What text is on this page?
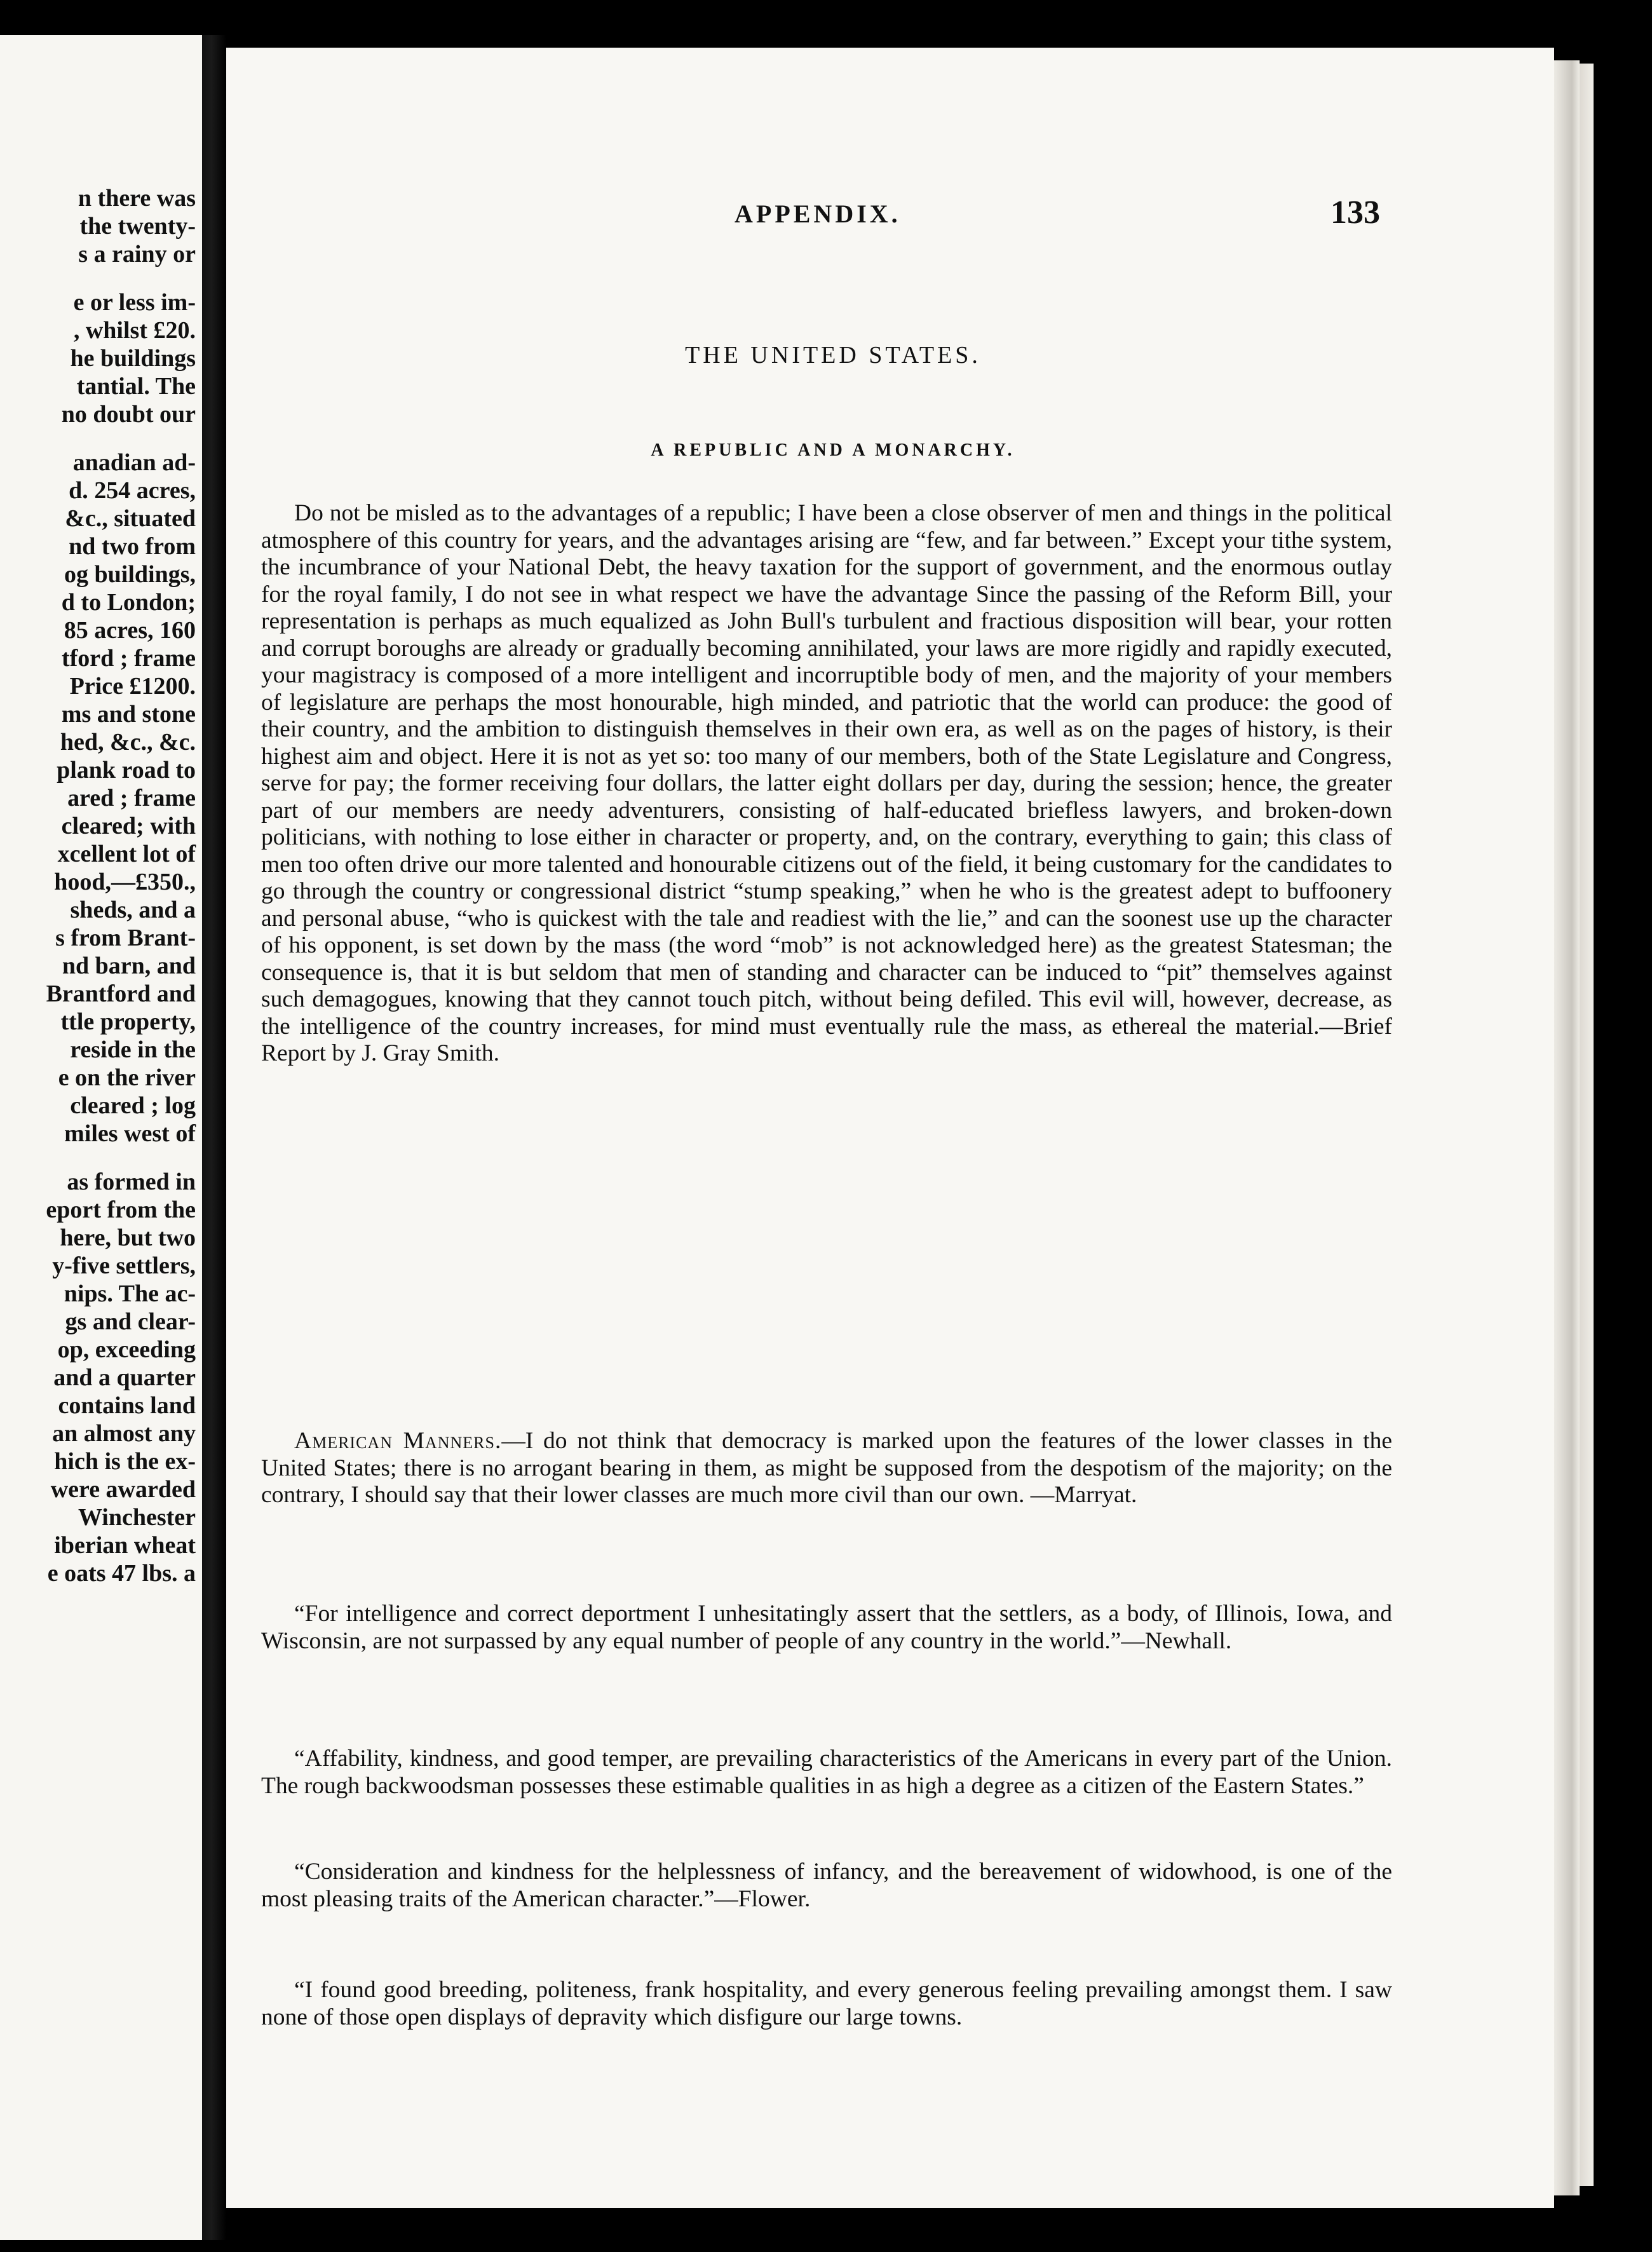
n there was
the twenty-
s a rainy or
e or less im-
, whilst £20.
he buildings
tantial. The
no doubt our
anadian ad-
d. 254 acres,
&c., situated
nd two from
og buildings,
d to London;
85 acres, 160
tford ; frame
Price £1200.
ms and stone
hed, &c., &c.
plank road to
ared ; frame
cleared; with
xcellent lot of
hood,—£350.,
sheds, and a
s from Brant-
nd barn, and
Brantford and
ttle property,
reside in the
e on the river
cleared ; log
miles west of
as formed in
eport from the
here, but two
y-five settlers,
nips. The ac-
gs and clear-
op, exceeding
and a quarter
contains land
an almost any
hich is the ex-
were awarded
Winchester
iberian wheat
e oats 47 lbs. a
APPENDIX.	133
THE UNITED STATES.
A REPUBLIC AND A MONARCHY.

Do not be misled as to the advantages of a republic; I have been a close observer of men and things in the political atmosphere of this country for years, and the advantages arising are “few, and far between.” Except your tithe system, the incumbrance of your National Debt, the heavy taxation for the support of government, and the enormous outlay for the royal family, I do not see in what respect we have the advantage Since the passing of the Reform Bill, your representation is perhaps as much equalized as John Bull's turbulent and fractious disposition will bear, your rotten and corrupt boroughs are already or gradually becoming annihilated, your laws are more rigidly and rapidly executed, your magistracy is composed of a more intelligent and incorruptible body of men, and the majority of your members of legislature are perhaps the most honourable, high minded, and patriotic that the world can produce: the good of their country, and the ambition to distinguish themselves in their own era, as well as on the pages of history, is their highest aim and object. Here it is not as yet so: too many of our members, both of the State Legislature and Congress, serve for pay; the former receiving four dollars, the latter eight dollars per day, during the session; hence, the greater part of our members are needy adventurers, consisting of half-educated briefless lawyers, and broken-down politicians, with nothing to lose either in character or property, and, on the contrary, everything to gain; this class of men too often drive our more talented and honourable citizens out of the field, it being customary for the candidates to go through the country or congressional district “stump speaking,” when he who is the greatest adept to buffoonery and personal abuse, “who is quickest with the tale and readiest with the lie,” and can the soonest use up the character of his opponent, is set down by the mass (the word “mob” is not acknowledged here) as the greatest Statesman; the consequence is, that it is but seldom that men of standing and character can be induced to “pit” themselves against such demagogues, knowing that they cannot touch pitch, without being defiled. This evil will, however, decrease, as the intelligence of the country increases, for mind must eventually rule the mass, as ethereal the material.—Brief Report by J. Gray Smith.

American Manners.—I do not think that democracy is marked upon the features of the lower classes in the United States; there is no arrogant bearing in them, as might be supposed from the despotism of the majority; on the contrary, I should say that their lower classes are much more civil than our own. —Marryat.

“For intelligence and correct deportment I unhesitatingly assert that the settlers, as a body, of Illinois, Iowa, and Wisconsin, are not surpassed by any equal number of people of any country in the world.”—Newhall.

“Affability, kindness, and good temper, are prevailing characteristics of the Americans in every part of the Union. The rough backwoodsman possesses these estimable qualities in as high a degree as a citizen of the Eastern States.”

“Consideration and kindness for the helplessness of infancy, and the bereavement of widowhood, is one of the most pleasing traits of the American character.”—Flower.

“I found good breeding, politeness, frank hospitality, and every generous feeling prevailing amongst them. I saw none of those open displays of depravity which disfigure our large towns.
